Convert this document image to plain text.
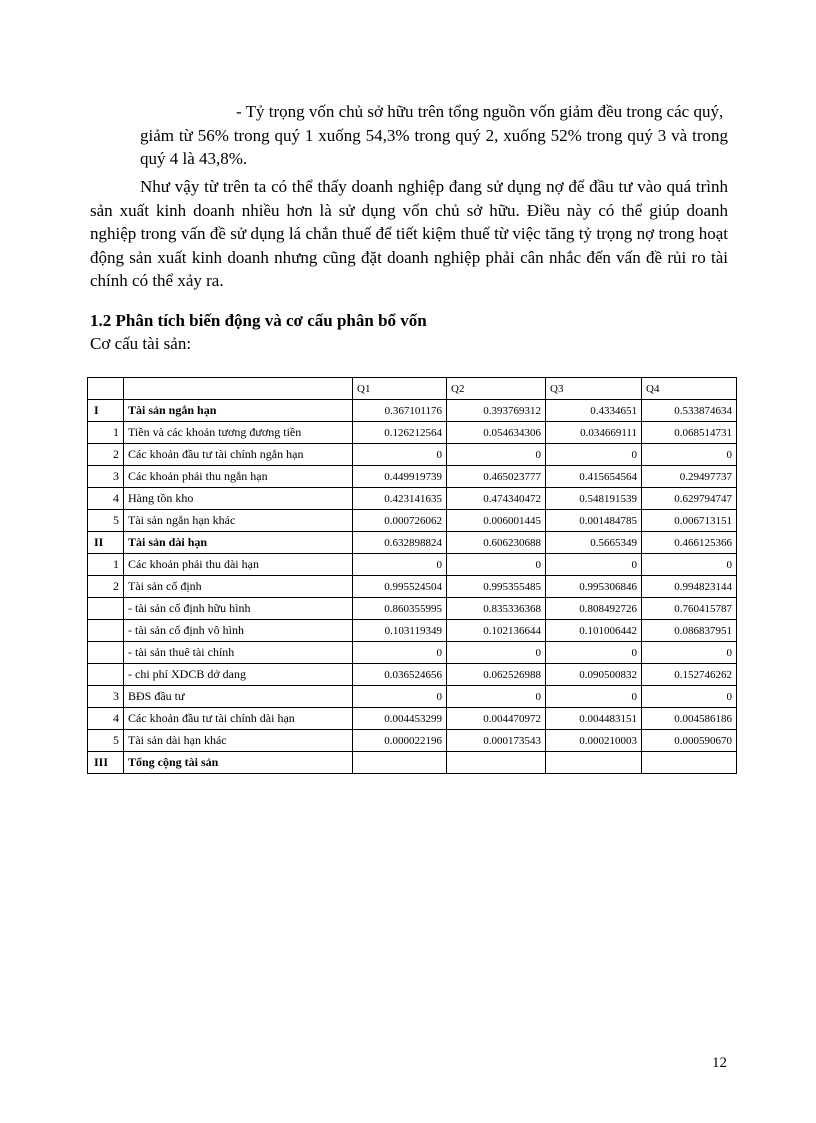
- Tỷ trọng vốn chủ sở hữu trên tổng nguồn vốn giảm đều trong các quý,
giảm từ 56% trong quý 1 xuống 54,3% trong quý 2, xuống 52% trong quý 3 và trong quý 4 là 43,8%.

Như vậy từ trên ta có thể thấy doanh nghiệp đang sử dụng nợ để đầu tư vào quá trình sản xuất kinh doanh nhiều hơn là sử dụng vốn chủ sở hữu. Điều này có thể giúp doanh nghiệp trong vấn đề sử dụng lá chắn thuế để tiết kiệm thuế từ việc tăng tỷ trọng nợ trong hoạt động sản xuất kinh doanh nhưng cũng đặt doanh nghiệp phải cân nhắc đến vấn đề rủi ro tài chính có thể xảy ra.

1.2 Phân tích biến động và cơ cấu phân bổ vốn

Cơ cấu tài sản:

		Q1	Q2	Q3	Q4
I	Tài sản ngắn hạn	0.367101176	0.393769312	0.4334651	0.533874634
1	Tiền và các khoản tương đương tiền	0.126212564	0.054634306	0.034669111	0.068514731
2	Các khoản đầu tư tài chính ngắn hạn	0	0	0	0
3	Các khoản phải thu ngắn hạn	0.449919739	0.465023777	0.415654564	0.29497737
4	Hàng tồn kho	0.423141635	0.474340472	0.548191539	0.629794747
5	Tài sản ngắn hạn khác	0.000726062	0.006001445	0.001484785	0.006713151
II	Tài sản dài hạn	0.632898824	0.606230688	0.5665349	0.466125366
1	Các khoản phải thu dài hạn	0	0	0	0
2	Tài sản cố định	0.995524504	0.995355485	0.995306846	0.994823144
	- tài sản cố định hữu hình	0.860355995	0.835336368	0.808492726	0.760415787
	- tài sản cố định vô hình	0.103119349	0.102136644	0.101006442	0.086837951
	- tài sản thuê tài chính	0	0	0	0
	- chi phí XDCB dở dang	0.036524656	0.062526988	0.090500832	0.152746262
3	BĐS đầu tư	0	0	0	0
4	Các khoản đầu tư tài chính dài hạn	0.004453299	0.004470972	0.004483151	0.004586186
5	Tài sản dài hạn khác	0.000022196	0.000173543	0.000210003	0.000590670
III	Tổng cộng tài sản				

12
